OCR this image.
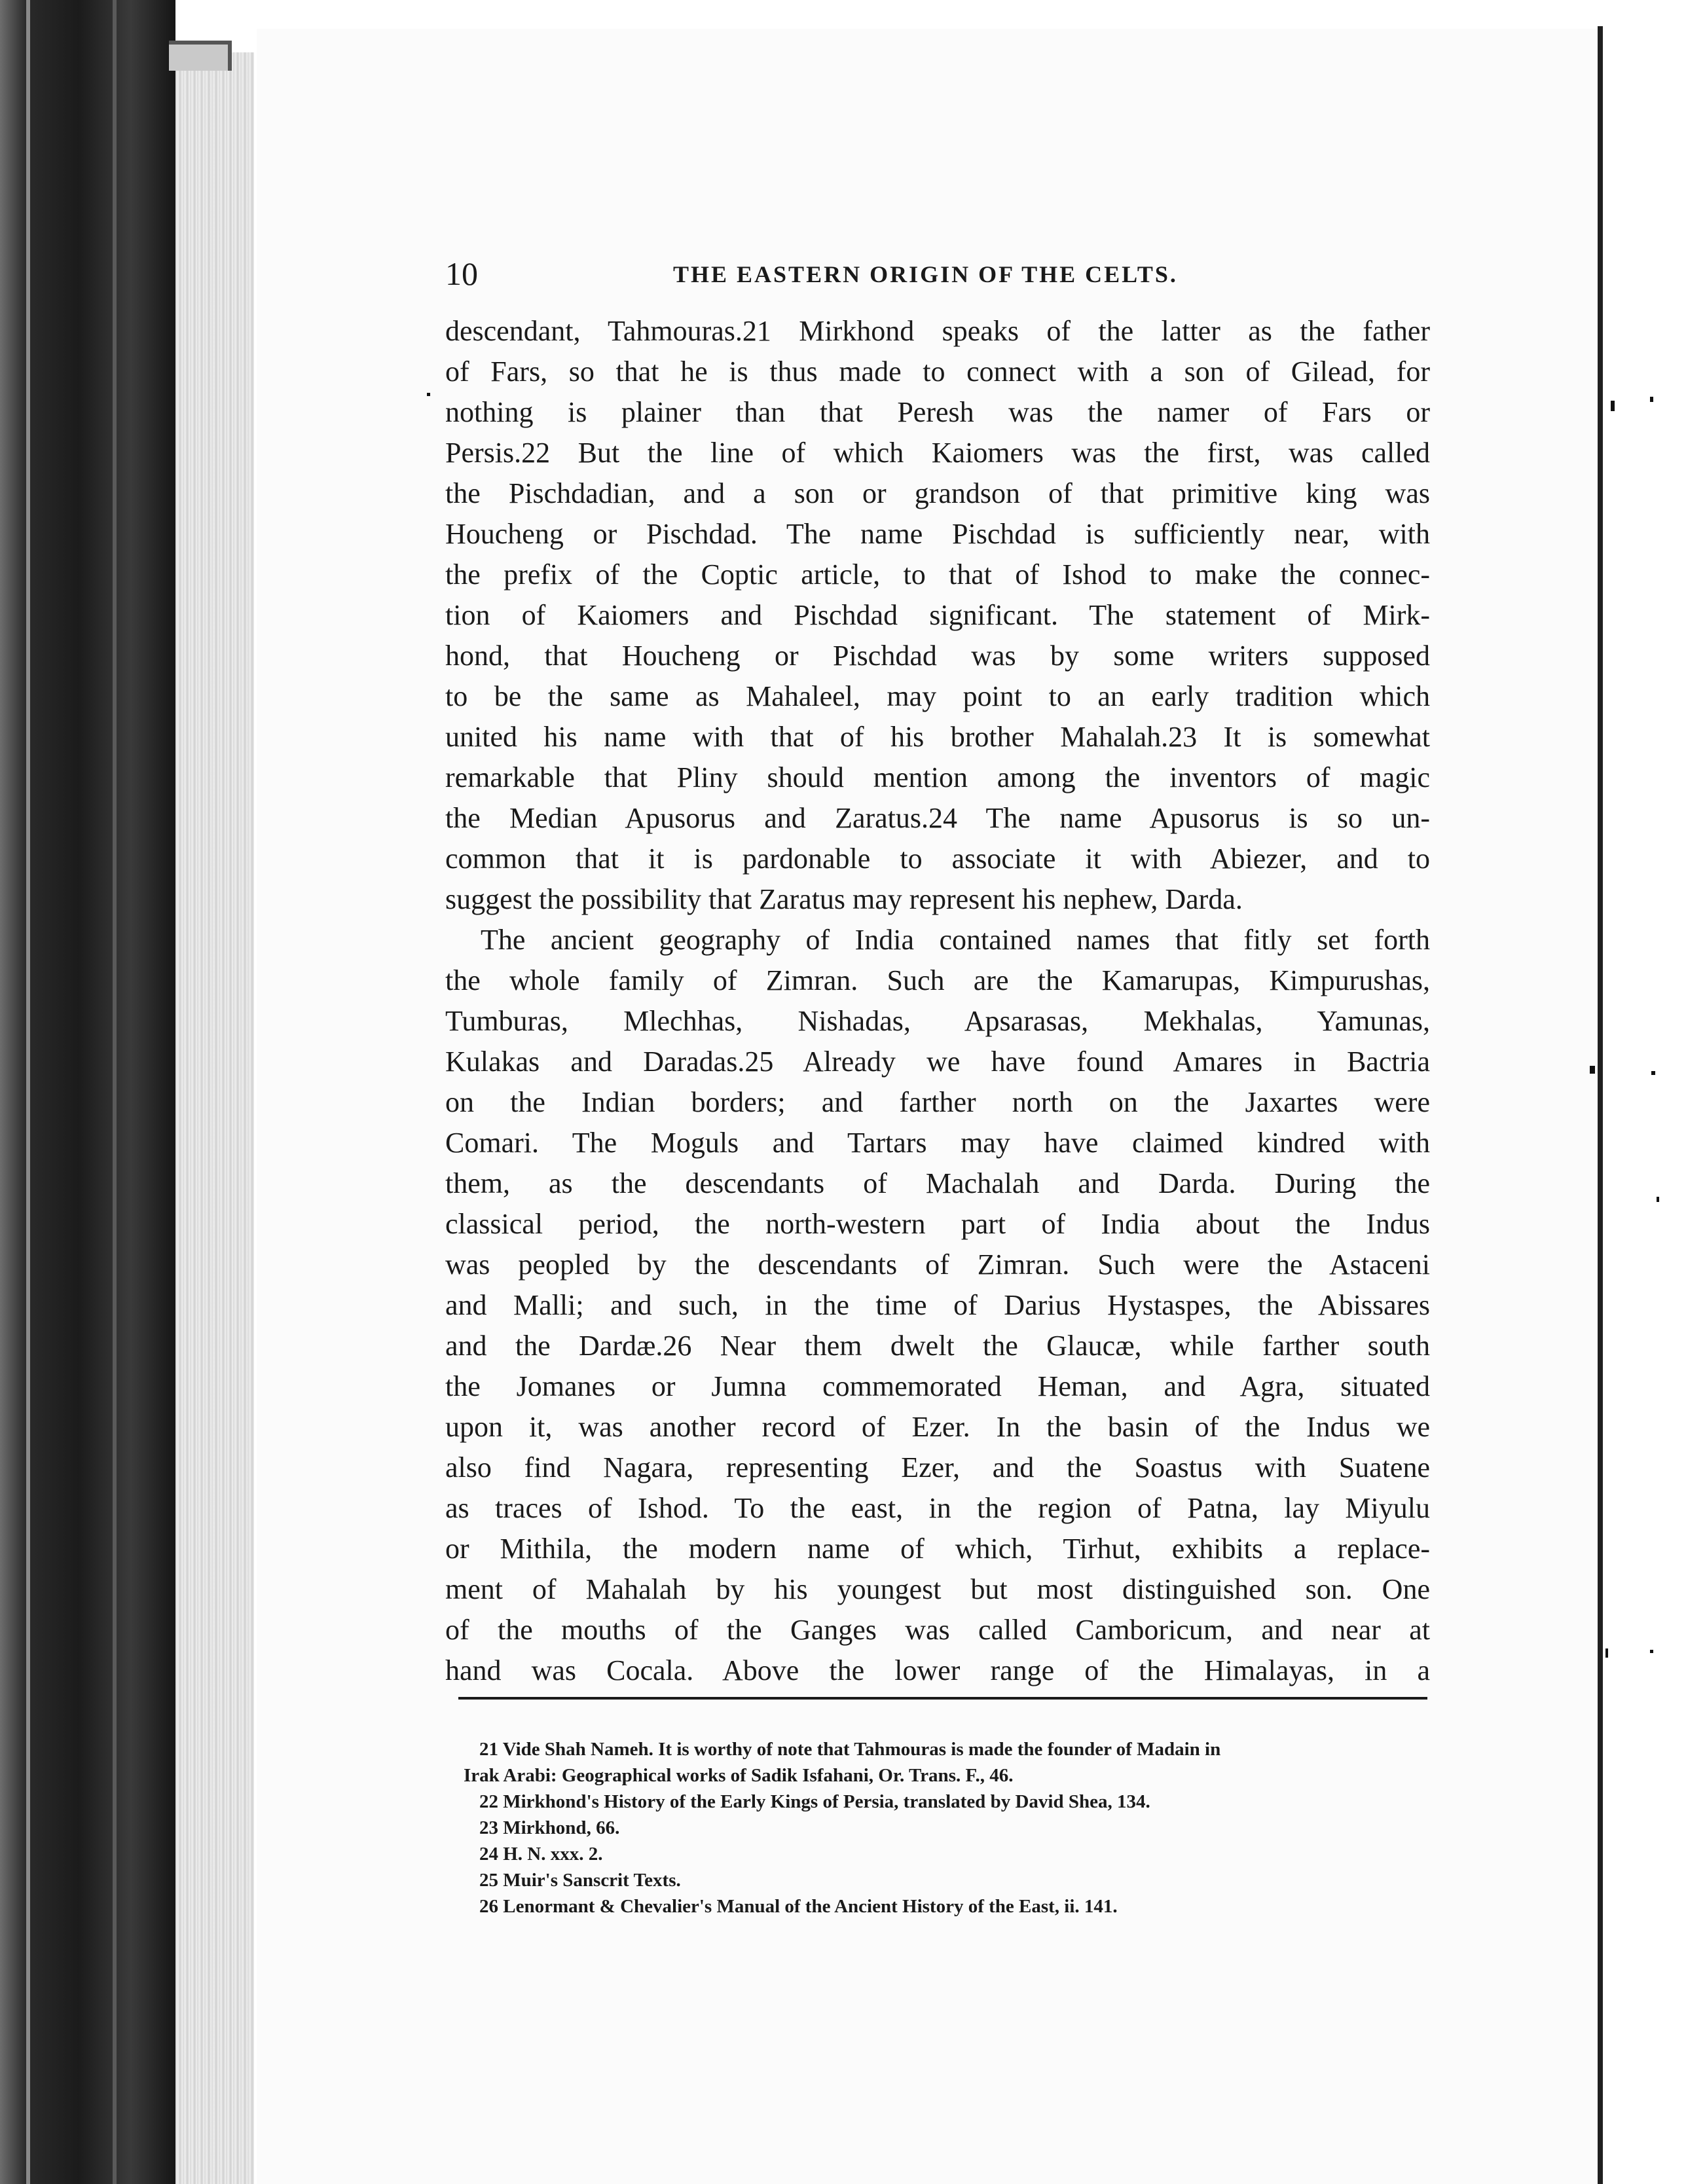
10	THE EASTERN ORIGIN OF THE CELTS.
descendant, Tahmouras.21 Mirkhond speaks of the latter as the father
of Fars, so that he is thus made to connect with a son of Gilead, for
nothing is plainer than that Peresh was the namer of Fars or
Persis.22 But the line of which Kaiomers was the first, was called
the Pischdadian, and a son or grandson of that primitive king was
Houcheng or Pischdad. The name Pischdad is sufficiently near, with
the prefix of the Coptic article, to that of Ishod to make the connec-
tion of Kaiomers and Pischdad significant. The statement of Mirk-
hond, that Houcheng or Pischdad was by some writers supposed
to be the same as Mahaleel, may point to an early tradition which
united his name with that of his brother Mahalah.23 It is somewhat
remarkable that Pliny should mention among the inventors of magic
the Median Apusorus and Zaratus.24 The name Apusorus is so un-
common that it is pardonable to associate it with Abiezer, and to
suggest the possibility that Zaratus may represent his nephew, Darda.
The ancient geography of India contained names that fitly set forth
the whole family of Zimran. Such are the Kamarupas, Kimpurushas,
Tumburas, Mlechhas, Nishadas, Apsarasas, Mekhalas, Yamunas,
Kulakas and Daradas.25 Already we have found Amares in Bactria
on the Indian borders; and farther north on the Jaxartes were
Comari. The Moguls and Tartars may have claimed kindred with
them, as the descendants of Machalah and Darda. During the
classical period, the north-western part of India about the Indus
was peopled by the descendants of Zimran. Such were the Astaceni
and Malli; and such, in the time of Darius Hystaspes, the Abissares
and the Dardæ.26 Near them dwelt the Glaucæ, while farther south
the Jomanes or Jumna commemorated Heman, and Agra, situated
upon it, was another record of Ezer. In the basin of the Indus we
also find Nagara, representing Ezer, and the Soastus with Suatene
as traces of Ishod. To the east, in the region of Patna, lay Miyulu
or Mithila, the modern name of which, Tirhut, exhibits a replace-
ment of Mahalah by his youngest but most distinguished son. One
of the mouths of the Ganges was called Camboricum, and near at
hand was Cocala. Above the lower range of the Himalayas, in a
21 Vide Shah Nameh. It is worthy of note that Tahmouras is made the founder of Madain in
Irak Arabi: Geographical works of Sadik Isfahani, Or. Trans. F., 46.
22 Mirkhond's History of the Early Kings of Persia, translated by David Shea, 134.
23 Mirkhond, 66.
24 H. N. xxx. 2.
25 Muir's Sanscrit Texts.
26 Lenormant & Chevalier's Manual of the Ancient History of the East, ii. 141.
